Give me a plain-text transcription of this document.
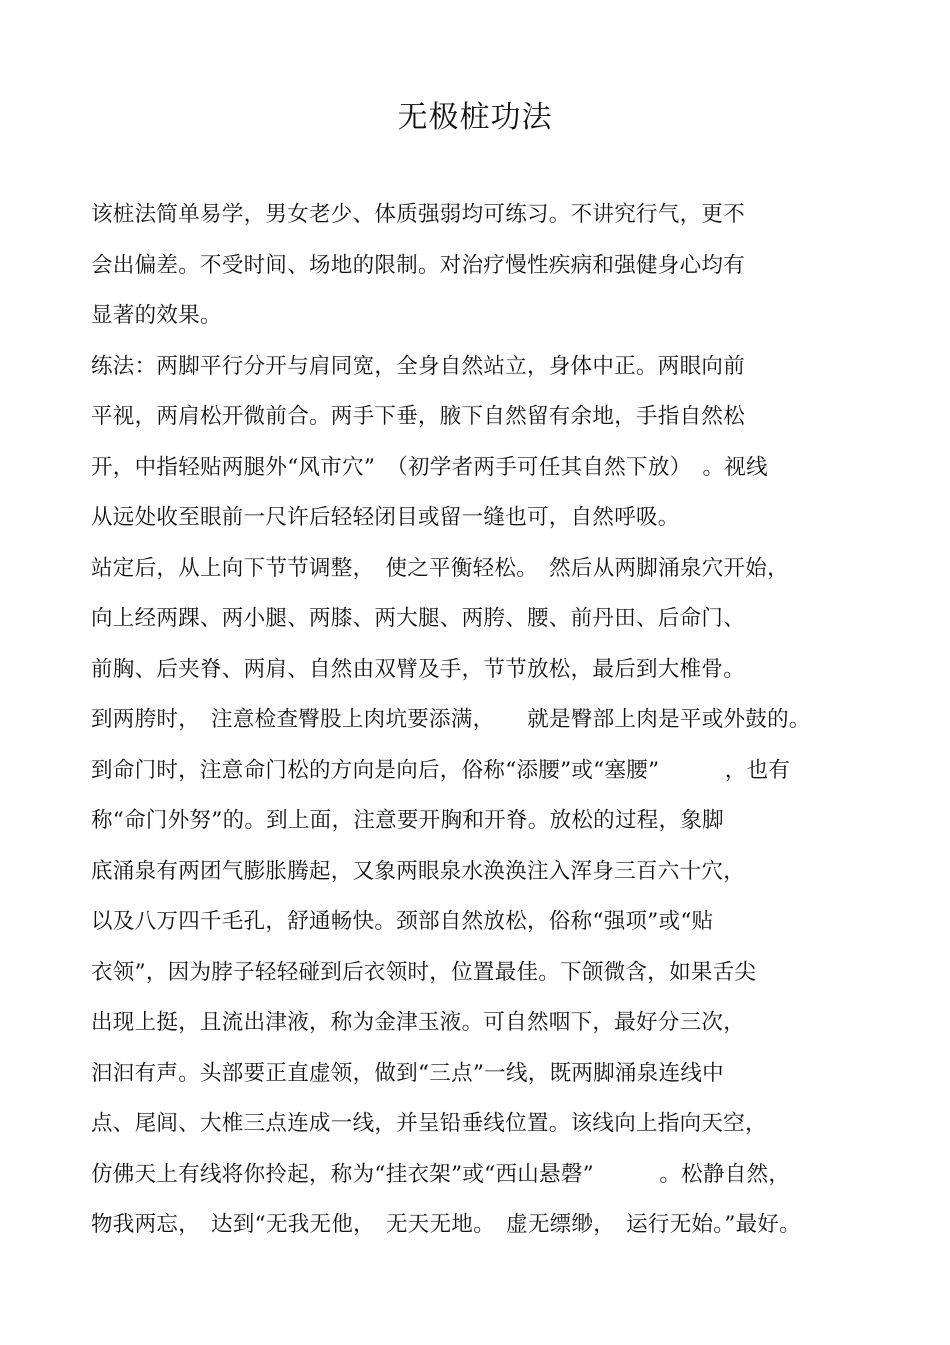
无极桩功法
该桩法简单易学，男女老少、体质强弱均可练习。不讲究行气，更不
会出偏差。不受时间、场地的限制。对治疗慢性疾病和强健身心均有
显著的效果。
练法：两脚平行分开与肩同宽，全身自然站立，身体中正。两眼向前
平视，两肩松开微前合。两手下垂，腋下自然留有余地，手指自然松
开，中指轻贴两腿外“风市穴”　（初学者两手可任其自然下放）　。视线
从远处收至眼前一尺许后轻轻闭目或留一缝也可，自然呼吸。
站定后，从上向下节节调整，　使之平衡轻松。　然后从两脚涌泉穴开始，
向上经两踝、两小腿、两膝、两大腿、两胯、腰、前丹田、后命门、
前胸、后夹脊、两肩、自然由双臂及手，节节放松，最后到大椎骨。
到两胯时，　注意检查臀股上肉坑要添满，　　就是臀部上肉是平或外鼓的。
到命门时，注意命门松的方向是向后，俗称“添腰”或“塞腰”　　　，也有
称“命门外努”的。到上面，注意要开胸和开脊。放松的过程，象脚
底涌泉有两团气膨胀腾起，又象两眼泉水涣涣注入浑身三百六十穴，
以及八万四千毛孔，舒通畅快。颈部自然放松，俗称“强项”或“贴
衣领”，因为脖子轻轻碰到后衣领时，位置最佳。下颌微含，如果舌尖
出现上挺，且流出津液，称为金津玉液。可自然咽下，最好分三次，
汩汩有声。头部要正直虚领，做到“三点”一线，既两脚涌泉连线中
点、尾闾、大椎三点连成一线，并呈铅垂线位置。该线向上指向天空，
仿佛天上有线将你拎起，称为“挂衣架”或“西山悬磬”　　　。松静自然，
物我两忘，　达到“无我无他，　无天无地。　虚无缥缈，　运行无始。”最好。
